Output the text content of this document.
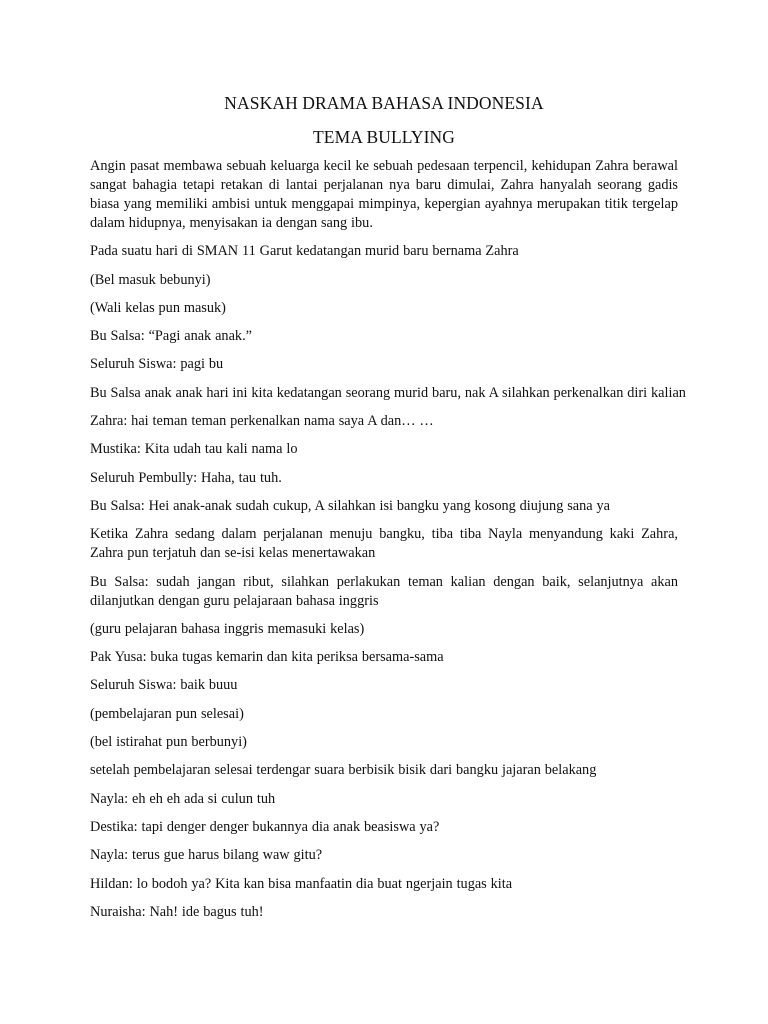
NASKAH DRAMA BAHASA INDONESIA
TEMA BULLYING

Angin pasat membawa sebuah keluarga kecil ke sebuah pedesaan terpencil, kehidupan Zahra berawal sangat bahagia tetapi retakan di lantai perjalanan nya baru dimulai, Zahra hanyalah seorang gadis biasa yang memiliki ambisi untuk menggapai mimpinya, kepergian ayahnya merupakan titik tergelap dalam hidupnya, menyisakan ia dengan sang ibu.

Pada suatu hari di SMAN 11 Garut kedatangan murid baru bernama Zahra

(Bel masuk bebunyi)

(Wali kelas pun masuk)

Bu Salsa: “Pagi anak anak.”

Seluruh Siswa: pagi bu

Bu Salsa anak anak hari ini kita kedatangan seorang murid baru, nak A silahkan perkenalkan diri kalian

Zahra: hai teman teman perkenalkan nama saya A dan… …

Mustika: Kita udah tau kali nama lo

Seluruh Pembully: Haha, tau tuh.

Bu Salsa: Hei anak-anak sudah cukup, A silahkan isi bangku yang kosong diujung sana ya

Ketika Zahra sedang dalam perjalanan menuju bangku, tiba tiba Nayla menyandung kaki Zahra, Zahra pun terjatuh dan se-isi kelas menertawakan

Bu Salsa: sudah jangan ribut, silahkan perlakukan teman kalian dengan baik, selanjutnya akan dilanjutkan dengan guru pelajaraan bahasa inggris

(guru pelajaran bahasa inggris memasuki kelas)

Pak Yusa: buka tugas kemarin dan kita periksa bersama-sama

Seluruh Siswa: baik buuu

(pembelajaran pun selesai)

(bel istirahat pun berbunyi)

setelah pembelajaran selesai terdengar suara berbisik bisik dari bangku jajaran belakang

Nayla: eh eh eh ada si culun tuh

Destika: tapi denger denger bukannya dia anak beasiswa ya?

Nayla: terus gue harus bilang waw gitu?

Hildan: lo bodoh ya? Kita kan bisa manfaatin dia buat ngerjain tugas kita

Nuraisha: Nah! ide bagus tuh!
